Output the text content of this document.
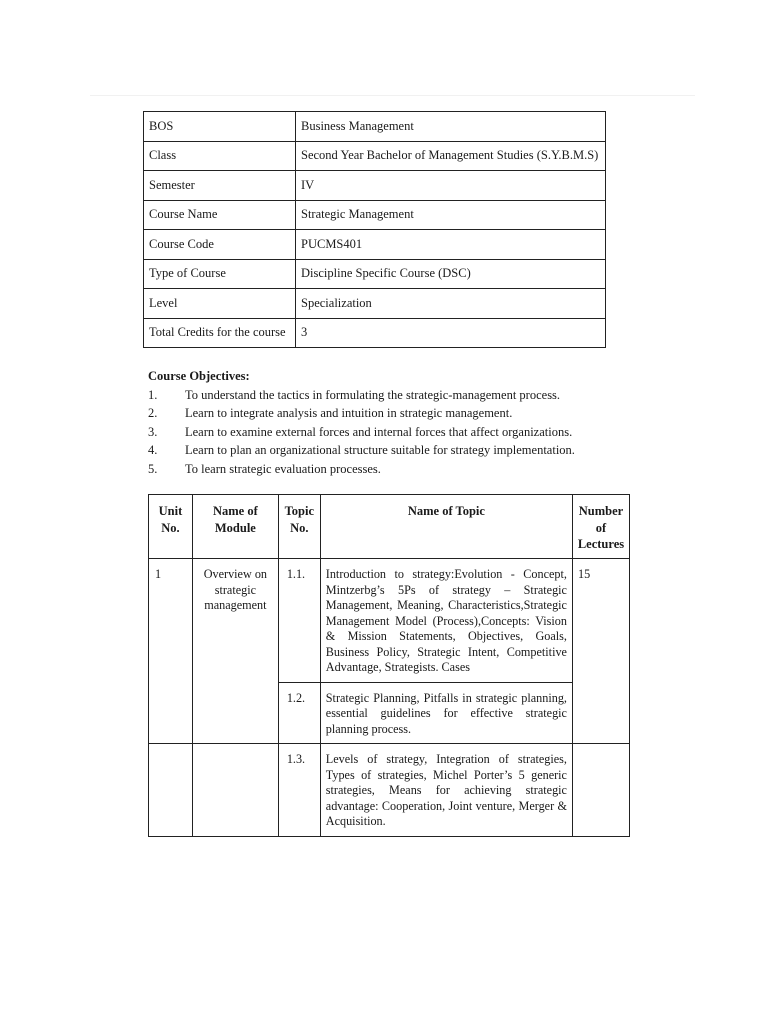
BOS	Business Management
Class	Second Year Bachelor of Management Studies (S.Y.B.M.S)
Semester	IV
Course Name	Strategic Management
Course Code	PUCMS401
Type of Course	Discipline Specific Course (DSC)
Level	Specialization
Total Credits for the course	3
Course Objectives:
1.	To understand the tactics in formulating the strategic-management process.
2.	Learn to integrate analysis and intuition in strategic management.
3.	Learn to examine external forces and internal forces that affect organizations.
4.	Learn to plan an organizational structure suitable for strategy implementation.
5.	To learn strategic evaluation processes.
Unit No.	Name of Module	Topic No.	Name of Topic	Number of Lectures
1	Overview on strategic management	1.1.	Introduction to strategy:Evolution - Concept, Mintzerbg’s 5Ps of strategy – Strategic Management, Meaning, Characteristics,Strategic Management Model (Process),Concepts: Vision & Mission Statements, Objectives, Goals, Business Policy, Strategic Intent, Competitive Advantage, Strategists. Cases	15
		1.2.	Strategic Planning, Pitfalls in strategic planning, essential guidelines for effective strategic planning process.	
		1.3.	Levels of strategy, Integration of strategies, Types of strategies, Michel Porter’s 5 generic strategies, Means for achieving strategic advantage: Cooperation, Joint venture, Merger & Acquisition.	
